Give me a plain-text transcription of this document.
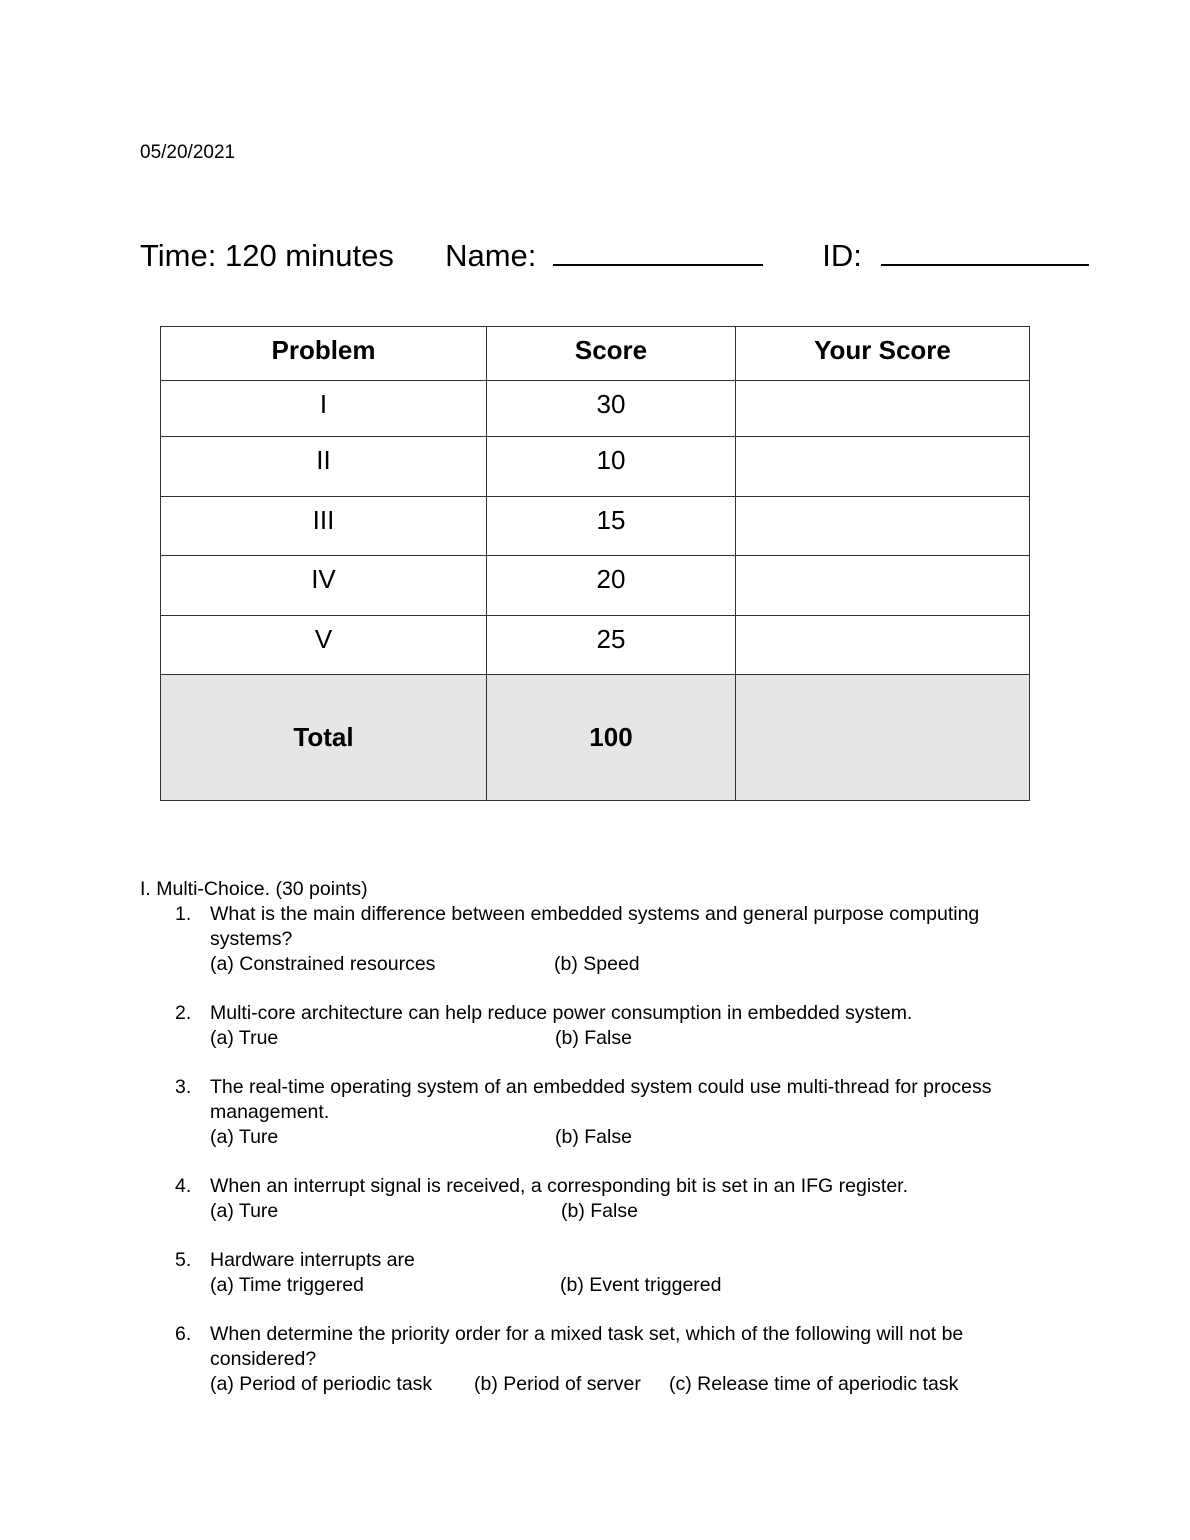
05/20/2021
Time: 120 minutes Name:	ID:
Problem	Score	Your Score
I	30	
II	10	
III	15	
IV	20	
V	25	
Total	100	
I. Multi-Choice. (30 points)
1. What is the main difference between embedded systems and general purpose computing systems?
(a) Constrained resources	(b) Speed
2. Multi-core architecture can help reduce power consumption in embedded system.
(a) True	(b) False
3. The real-time operating system of an embedded system could use multi-thread for process management.
(a) Ture	(b) False
4. When an interrupt signal is received, a corresponding bit is set in an IFG register.
(a) Ture	(b) False
5. Hardware interrupts are
(a) Time triggered	(b) Event triggered
6. When determine the priority order for a mixed task set, which of the following will not be considered?
(a) Period of periodic task (b) Period of server (c) Release time of aperiodic task
